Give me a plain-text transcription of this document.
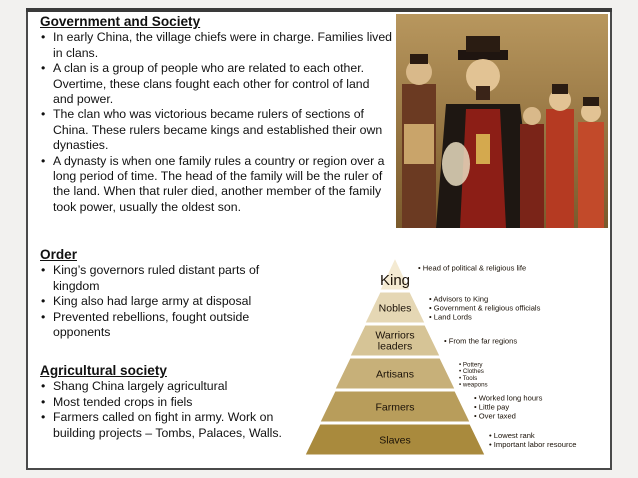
Government and Society
• In early China, the village chiefs were in charge. Families lived in clans.
• A clan is a group of people who are related to each other. Overtime, these clans fought each other for control of land and power.
• The clan who was victorious became rulers of sections of China. These rulers became kings and established their own dynasties.
• A dynasty is when one family rules a country or region over a long period of time. The head of the family will be the ruler of the land. When that ruler died, another member of the family took power, usually the oldest son.
Order
• King’s governors ruled distant parts of kingdom
• King also had large army at disposal
• Prevented rebellions, fought outside opponents
Agricultural society
• Shang China largely agricultural
• Most tended crops in fiels
• Farmers called on fight in army. Work on building projects – Tombs, Palaces, Walls.
King
• Head of political & religious life
Nobles
• Advisors to King
• Government & religious officials
• Land Lords
Warriors leaders	• From the far regions
Artisans
• Pottery
• Clothes
• Tools
• weapons
Farmers
• Worked long hours
• Little pay
• Over taxed
Slaves	• Lowest rank
• Important labor resource
